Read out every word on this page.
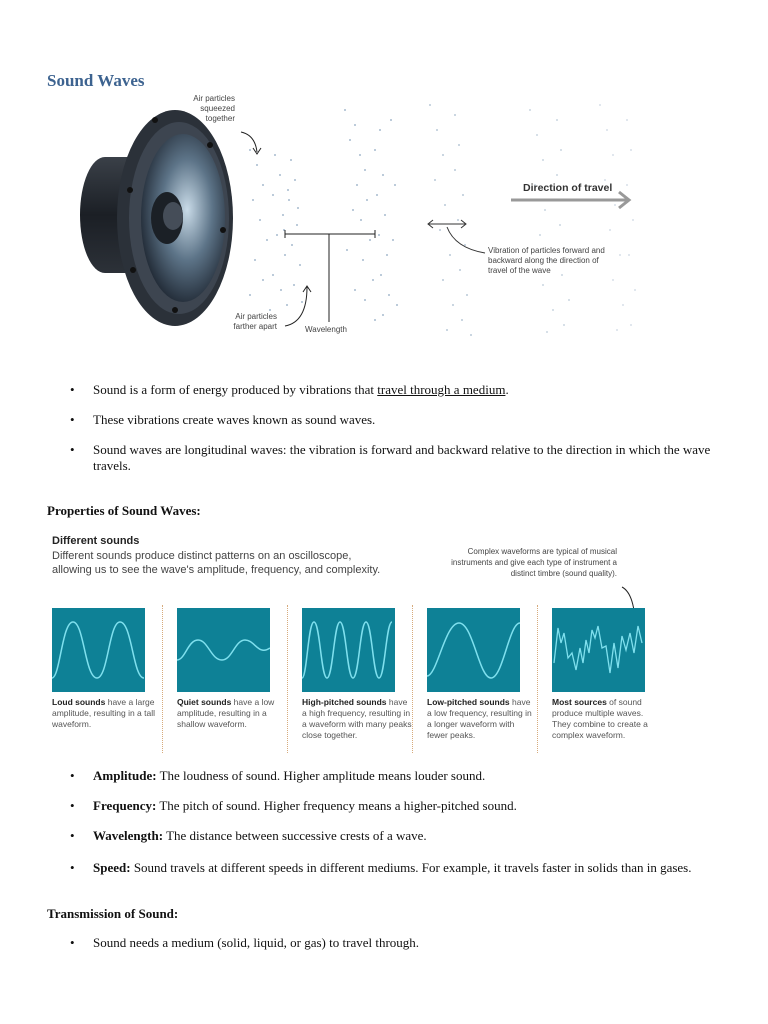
Sound Waves
Air particles
squeezed
together
Air particles
farther apart	Wavelength
Direction of travel
Vibration of particles forward and
backward along the direction of
travel of the wave
• Sound is a form of energy produced by vibrations that travel through a medium.
• These vibrations create waves known as sound waves.
• Sound waves are longitudinal waves: the vibration is forward and backward relative to the direction in which the wave travels.
Properties of Sound Waves:
Different sounds
Different sounds produce distinct patterns on an oscilloscope, allowing us to see the wave's amplitude, frequency, and complexity.
Complex waveforms are typical of musical instruments and give each type of instrument a distinct timbre (sound quality).
Loud sounds have a large amplitude, resulting in a tall waveform.
Quiet sounds have a low amplitude, resulting in a shallow waveform.
High-pitched sounds have a high frequency, resulting in a waveform with many peaks close together.
Low-pitched sounds have a low frequency, resulting in a longer waveform with fewer peaks.
Most sources of sound produce multiple waves. They combine to create a complex waveform.
• Amplitude: The loudness of sound. Higher amplitude means louder sound.
• Frequency: The pitch of sound. Higher frequency means a higher-pitched sound.
• Wavelength: The distance between successive crests of a wave.
• Speed: Sound travels at different speeds in different mediums. For example, it travels faster in solids than in gases.
Transmission of Sound:
• Sound needs a medium (solid, liquid, or gas) to travel through.
